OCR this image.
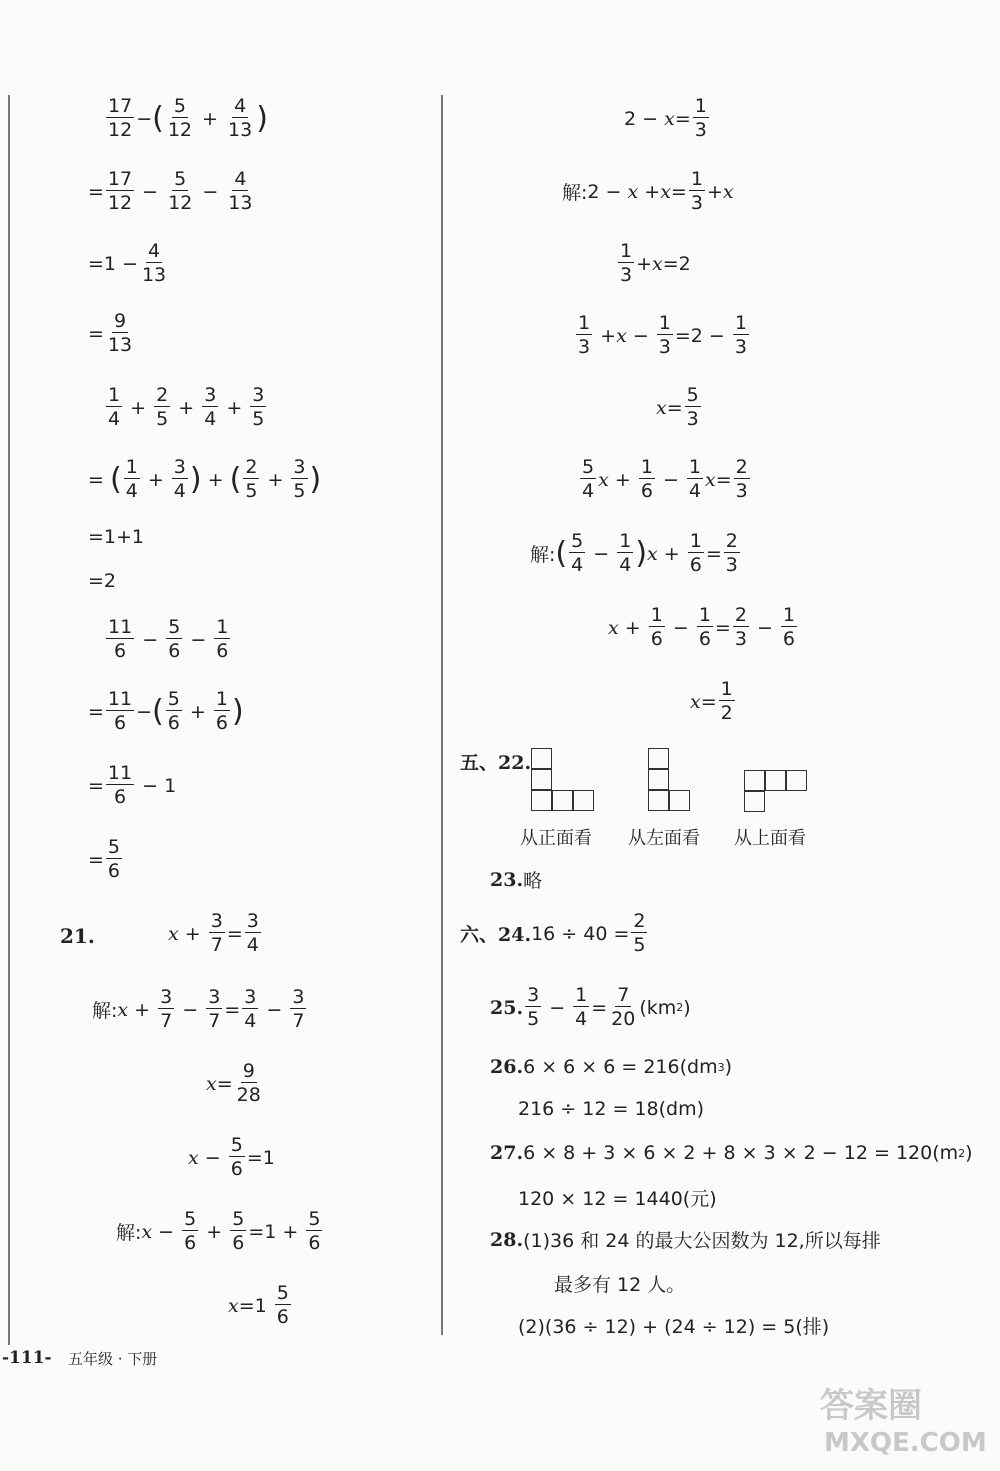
$\frac{17}{12}$ − ( $\frac{5}{12} + \frac{4}{13}$ )
= $\frac{17}{12} - \frac{5}{12} - \frac{4}{13}$
$=1 - \frac{4}{13}$
= $\frac{9}{13}$
$\frac{1}{4} + \frac{2}{5} + \frac{3}{4} + \frac{3}{5}$
= ( $\frac{1}{4} + \frac{3}{4}$ ) + ( $\frac{2}{5} + \frac{3}{5}$ )
=1+1
=2
$\frac{11}{6} - \frac{5}{6} - \frac{1}{6}$
= $\frac{11}{6}$ − ( $\frac{5}{6} + \frac{1}{6}$ )
= $\frac{11}{6}$
− 1
= $\frac{5}{6}$
21.	$x + \frac{3}{7} = \frac{3}{4}$
解: $x + \frac{3}{7} - \frac{3}{7} = \frac{3}{4} - \frac{3}{7}$
$x = \frac{9}{28}$
$x - \frac{5}{6} =1$
解: $x - \frac{5}{6} + \frac{5}{6} =1$ +
$\frac{5}{6}$
x =1
$\frac{5}{6}$
2 −
$x = \frac{1}{3}$
解: 2 −
$x + x = \frac{1}{3} + x$
$\frac{1}{3} + x =2$
$\frac{1}{3} + x - \frac{1}{3} =2$ −
$\frac{1}{3}$
$x = \frac{5}{3}$
$\frac{5}{4}$ $x + \frac{1}{6} - \frac{1}{4}$ $x = \frac{2}{3}$
解: ( $\frac{5}{4} - \frac{1}{4}$ ) $x + \frac{1}{6} = \frac{2}{3}$
$x + \frac{1}{6} - \frac{1}{6} = \frac{2}{3} - \frac{1}{6}$
$x = \frac{1}{2}$
五、22.
从正面看 从左面看 从上面看
23. 略
六、24. $16 \div 40 = \frac{2}{5}$
25. $\frac{3}{5} - \frac{1}{4} = \frac{7}{20} (km$ 2 )
26. 6 × 6 × 6 = 216(dm 3 )
216 ÷ 12 = 18(dm)
27. 6 × 8 + 3 × 6 × 2 + 8 × 3 × 2 − 12 = 120(m 2 )
120 × 12 = 1440(元)
28. (1)36 和 24 的最大公因数为 12,所以每排
最多有 12 人。
(2)(36 ÷ 12) + (24 ÷ 12) = 5(排)
-111- 五年级 · 下册
答案圈
MXQE.COM
